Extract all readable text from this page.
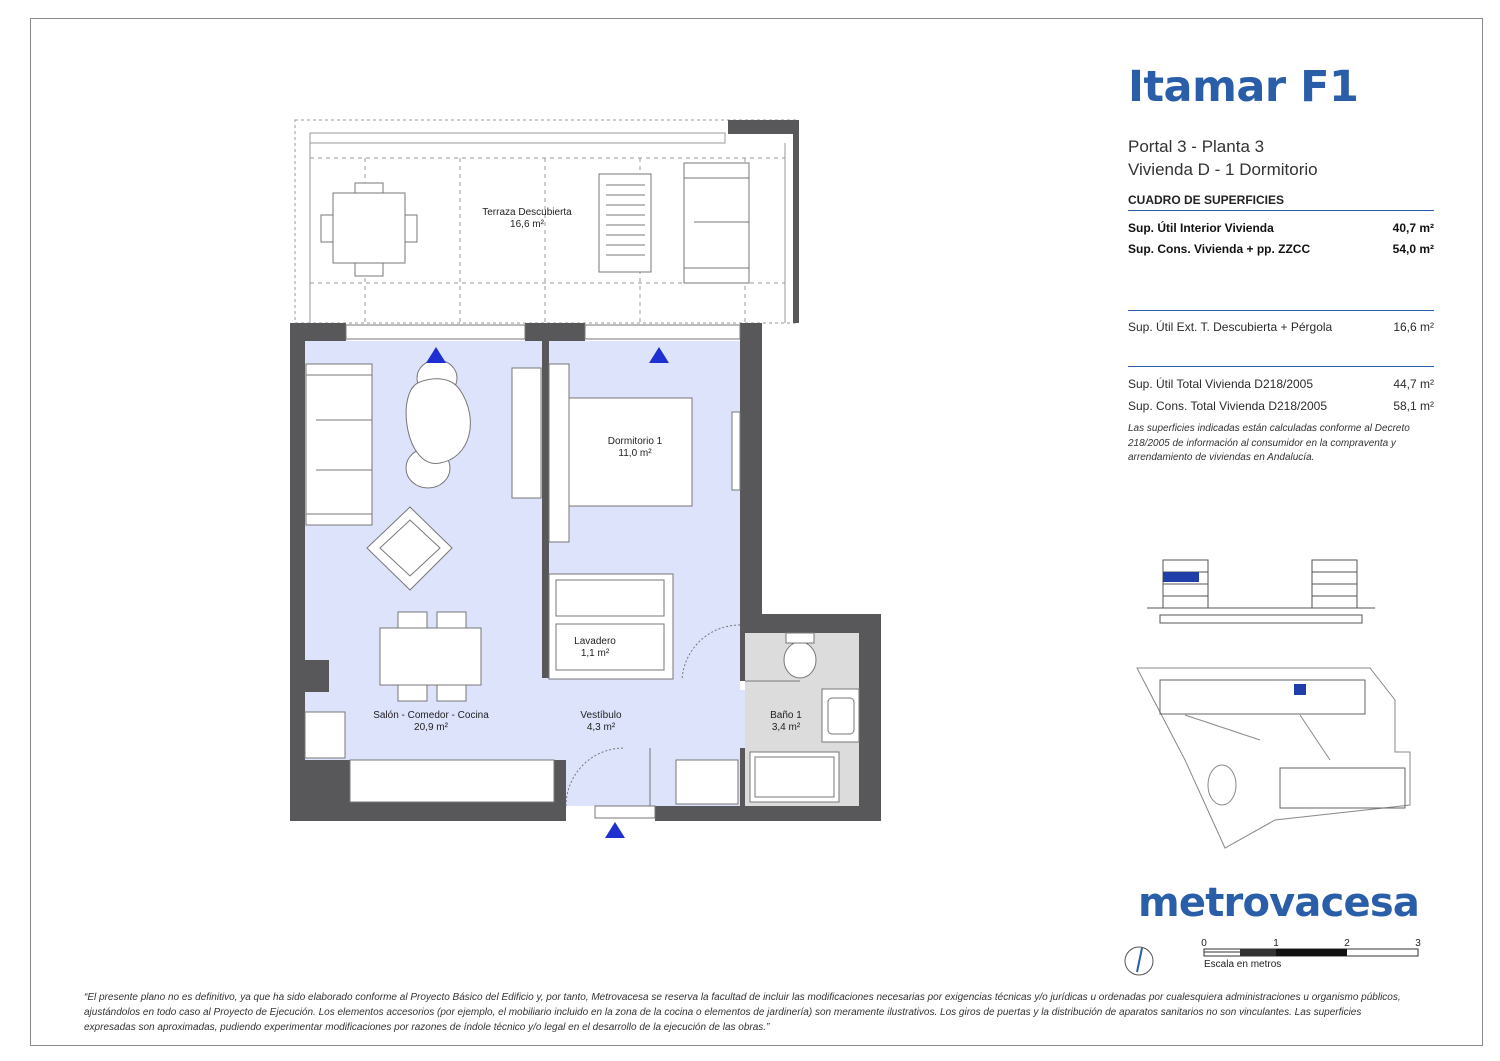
Terraza Descubierta
16,6 m²
Dormitorio 1
11,0 m²
Lavadero
1,1 m²
Salón - Comedor - Cocina
20,9 m²
Vestíbulo
4,3 m²
Baño 1
3,4 m²
0	1	2	3
Escala en metros
Itamar F1
Portal 3 - Planta 3
Vivienda D - 1 Dormitorio
CUADRO DE SUPERFICIES
Sup. Útil Interior Vivienda	40,7 m²
Sup. Cons. Vivienda + pp. ZZCC	54,0 m²
Sup. Útil Ext. T. Descubierta + Pérgola	16,6 m²
Sup. Útil Total Vivienda D218/2005	44,7 m²
Sup. Cons. Total Vivienda D218/2005	58,1 m²
Las superficies indicadas están calculadas conforme al Decreto 218/2005 de información al consumidor en la compraventa y arrendamiento de viviendas en Andalucía.
metrovacesa
“El presente plano no es definitivo, ya que ha sido elaborado conforme al Proyecto Básico del Edificio y, por tanto, Metrovacesa se reserva la facultad de incluir las modificaciones necesarias por exigencias técnicas y/o jurídicas u ordenadas por cualesquiera administraciones u organismo públicos, ajustándolos en todo caso al Proyecto de Ejecución. Los elementos accesorios (por ejemplo, el mobiliario incluido en la zona de la cocina o elementos de jardinería) son meramente ilustrativos. Los giros de puertas y la distribución de aparatos sanitarios no son vinculantes. Las superficies expresadas son aproximadas, pudiendo experimentar modificaciones por razones de índole técnico y/o legal en el desarrollo de la ejecución de las obras.”
